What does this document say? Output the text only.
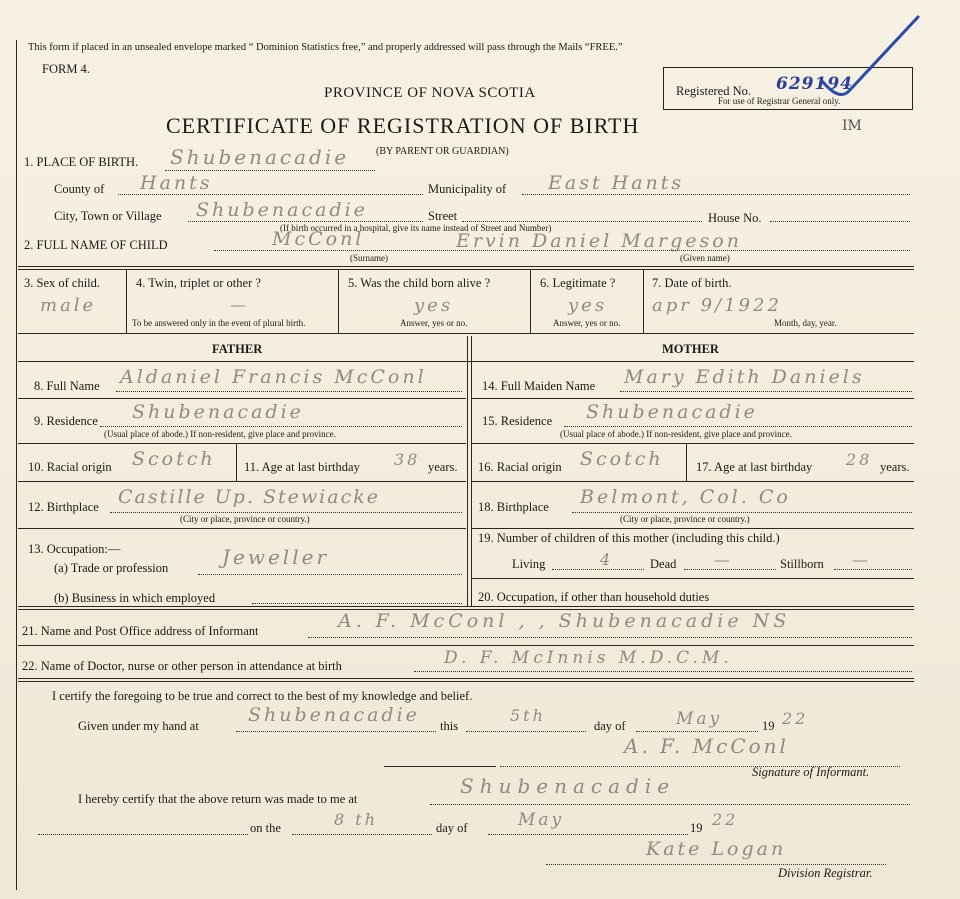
This form if placed in an unsealed envelope marked “ Dominion Statistics free,” and properly addressed will pass through the Mails “FREE.”
FORM 4.
PROVINCE OF NOVA SCOTIA
CERTIFICATE OF REGISTRATION OF BIRTH
(BY PARENT OR GUARDIAN)
Registered No. 629194
For use of Registrar General only.
IM
1. PLACE OF BIRTH. Shubenacadie
County of Hants	Municipality of East Hants
City, Town or Village Shubenacadie	Street	House No.
(If birth occurred in a hospital, give its name instead of Street and Number)
2. FULL NAME OF CHILD	McConl	Ervin Daniel Margeson
(Surname)	(Given name)
3. Sex of child.
male
4. Twin, triplet or other ?
—
To be answered only in the event of plural birth.
5. Was the child born alive ?
yes
Answer, yes or no.
6. Legitimate ?
yes
Answer, yes or no.
7. Date of birth.
apr 9/1922
Month, day, year.
FATHER	MOTHER
8. Full Name Aldaniel Francis McConl
9. Residence Shubenacadie
(Usual place of abode.) If non-resident, give place and province.
10. Racial origin Scotch 11. Age at last birthday 38 years.
12. Birthplace Castille Up. Stewiacke
(City or place, province or country.)
13. Occupation:—
(a) Trade or profession	Jeweller
(b) Business in which employed
14. Full Maiden Name Mary Edith Daniels
15. Residence Shubenacadie
(Usual place of abode.) If non-resident, give place and province.
16. Racial origin Scotch	17. Age at last birthday 28 years.
18. Birthplace Belmont, Col. Co
(City or place, province or country.)
19. Number of children of this mother (including this child.)
Living	4	Dead —	Stillborn —
20. Occupation, if other than household duties
21. Name and Post Office address of Informant	A. F. McConl , , Shubenacadie NS
22. Name of Doctor, nurse or other person in attendance at birth	D. F. McInnis M.D.C.M.
I certify the foregoing to be true and correct to the best of my knowledge and belief.
Given under my hand at	Shubenacadie this
5th
day of	May	19 22
A. F. McConl
Signature of Informant.
I hereby certify that the above return was made to me at
Shubenacadie
on the	8 th	day of	May	19 22
Kate Logan
Division Registrar.
